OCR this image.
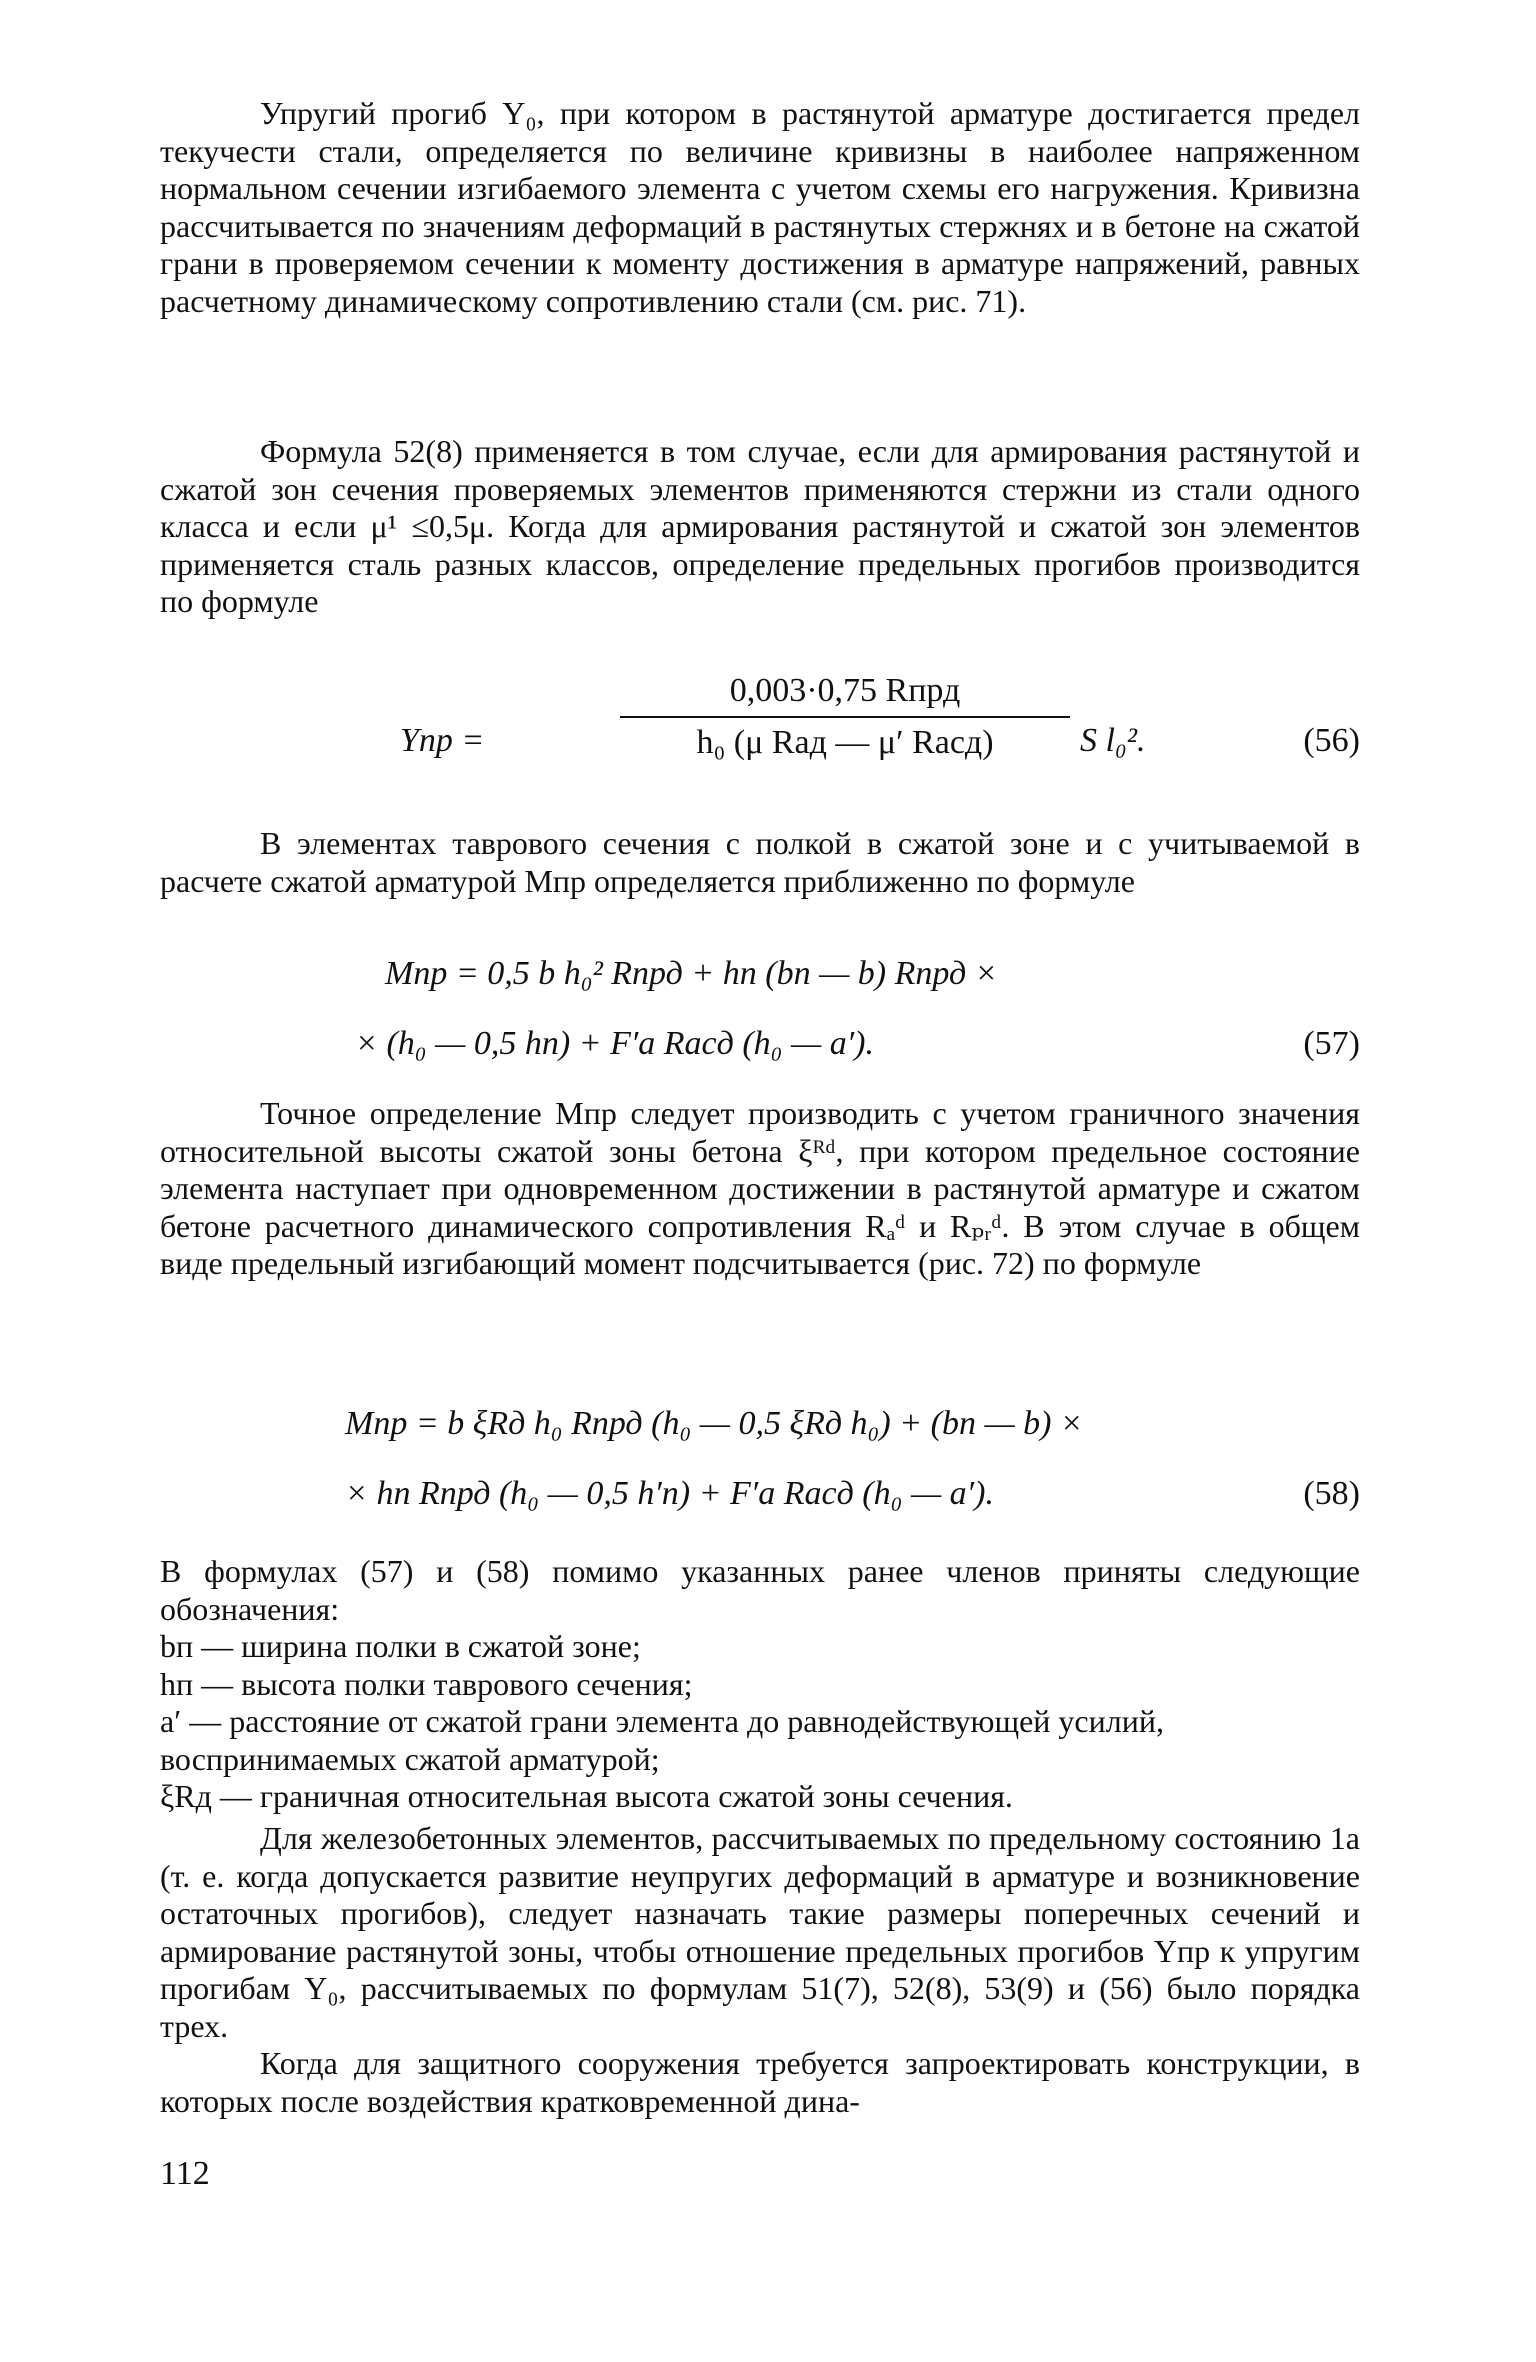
Упругий прогиб Y₀, при котором в растянутой арматуре достигается предел текучести стали, определяется по величине кривизны в наиболее напряженном нормальном сечении изгибаемого элемента с учетом схемы его нагружения. Кривизна рассчитывается по значениям деформаций в растянутых стержнях и в бетоне на сжатой грани в проверяемом сечении к моменту достижения в арматуре напряжений, равных расчетному динамическому сопротивлению стали (см. рис. 71).

Формула 52(8) применяется в том случае, если для армирования растянутой и сжатой зон сечения проверяемых элементов применяются стержни из стали одного класса и если μ¹ ≤0,5μ. Когда для армирования растянутой и сжатой зон элементов применяется сталь разных классов, определение предельных прогибов производится по формуле

Yпр =
0,003·0,75 Rпрд
h₀ (μ Rад — μ′ Rасд)	S l₀².	(56)

В элементах таврового сечения с полкой в сжатой зоне и с учитываемой в расчете сжатой арматурой Mпр определяется приближенно по формуле

Mпр = 0,5 b h₀² Rпрд + hп (bп — b) Rпрд ×
× (h₀ — 0,5 hп) + F′а Rасд (h₀ — a′).	(57)

Точное определение Mпр следует производить с учетом граничного значения относительной высоты сжатой зоны бетона ξᴿᵈ, при котором предельное состояние элемента наступает при одновременном достижении в растянутой арматуре и сжатом бетоне расчетного динамического сопротивления Rₐᵈ и Rₚᵣᵈ. В этом случае в общем виде предельный изгибающий момент подсчитывается (рис. 72) по формуле

Mпр = b ξRд h₀ Rпрд (h₀ — 0,5 ξRд h₀) + (bп — b) ×
× hп Rпрд (h₀ — 0,5 h′п) + F′а Rасд (h₀ — a′).	(58)

В формулах (57) и (58) помимо указанных ранее членов приняты следующие обозначения:

bп — ширина полки в сжатой зоне;
hп — высота полки таврового сечения;
a′ — расстояние от сжатой грани элемента до равнодействующей усилий, воспринимаемых сжатой арматурой;
ξRд — граничная относительная высота сжатой зоны сечения.

Для железобетонных элементов, рассчитываемых по предельному состоянию 1а (т. е. когда допускается развитие неупругих деформаций в арматуре и возникновение остаточных прогибов), следует назначать такие размеры поперечных сечений и армирование растянутой зоны, чтобы отношение предельных прогибов Yпр к упругим прогибам Y₀, рассчитываемых по формулам 51(7), 52(8), 53(9) и (56) было порядка трех.

Когда для защитного сооружения требуется запроектировать конструкции, в которых после воздействия кратковременной дина-

112
